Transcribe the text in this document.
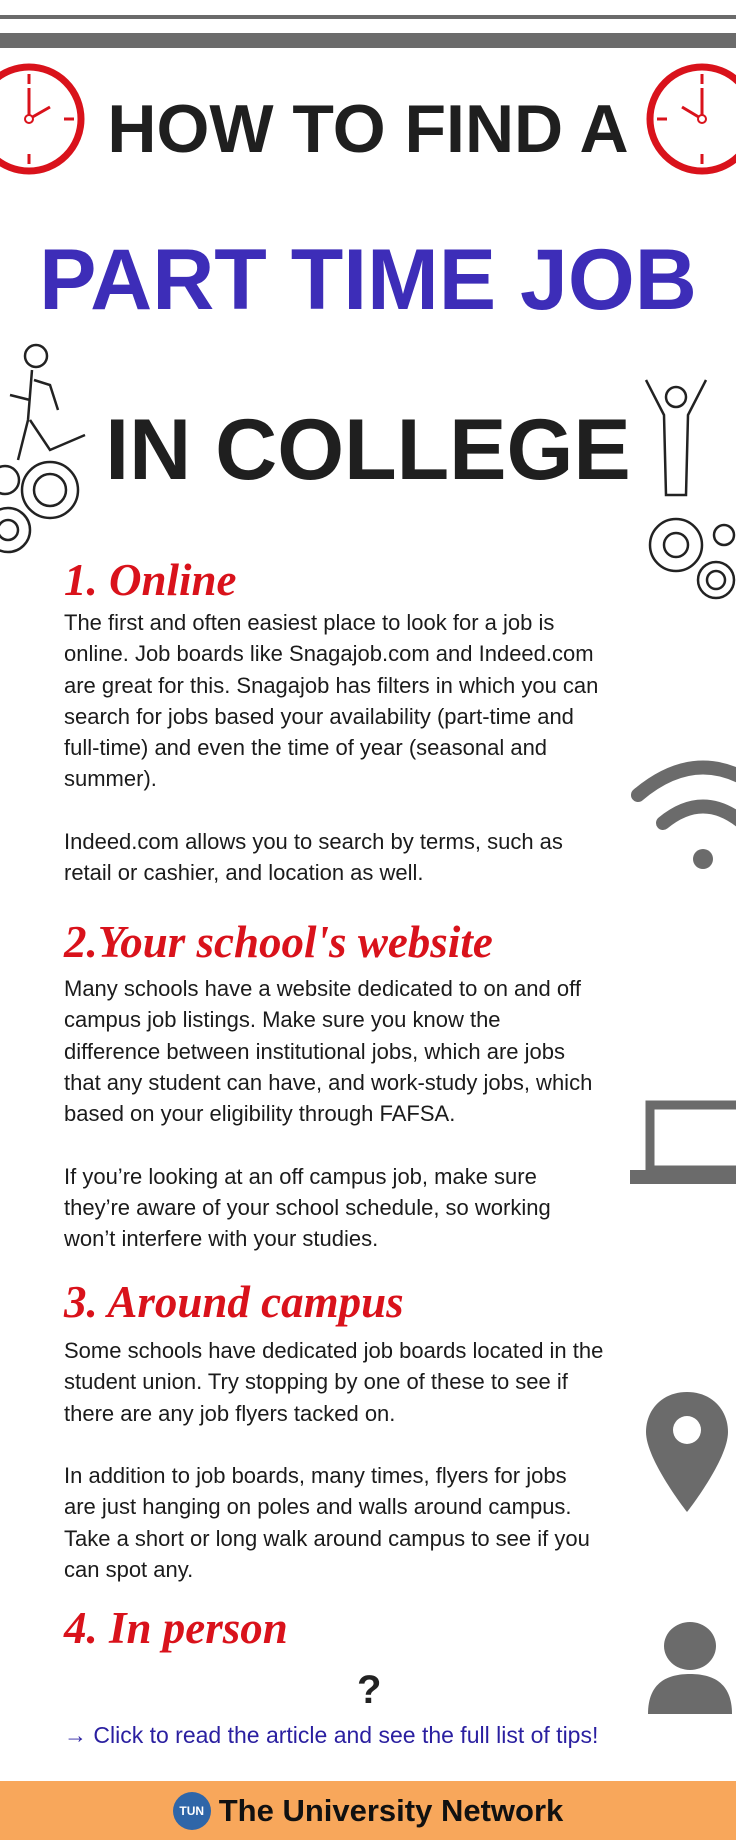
HOW TO FIND A
PART TIME JOB
IN COLLEGE
1. Online
The first and often easiest place to look for a job is
online. Job boards like Snagajob.com and Indeed.com
are great for this. Snagajob has filters in which you can
search for jobs based your availability (part-time and
full-time) and even the time of year (seasonal and
summer).

Indeed.com allows you to search by terms, such as
retail or cashier, and location as well.
2.Your school's website
Many schools have a website dedicated to on and off
campus job listings. Make sure you know the
difference between institutional jobs, which are jobs
that any student can have, and work-study jobs, which
based on your eligibility through FAFSA.

If you’re looking at an off campus job, make sure
they’re aware of your school schedule, so working
won’t interfere with your studies.
3. Around campus
Some schools have dedicated job boards located in the
student union. Try stopping by one of these to see if
there are any job flyers tacked on.

In addition to job boards, many times, flyers for jobs
are just hanging on poles and walls around campus.
Take a short or long walk around campus to see if you
can spot any.
4. In person
?
→ Click to read the article and see the full list of tips!
TUN The University Network
